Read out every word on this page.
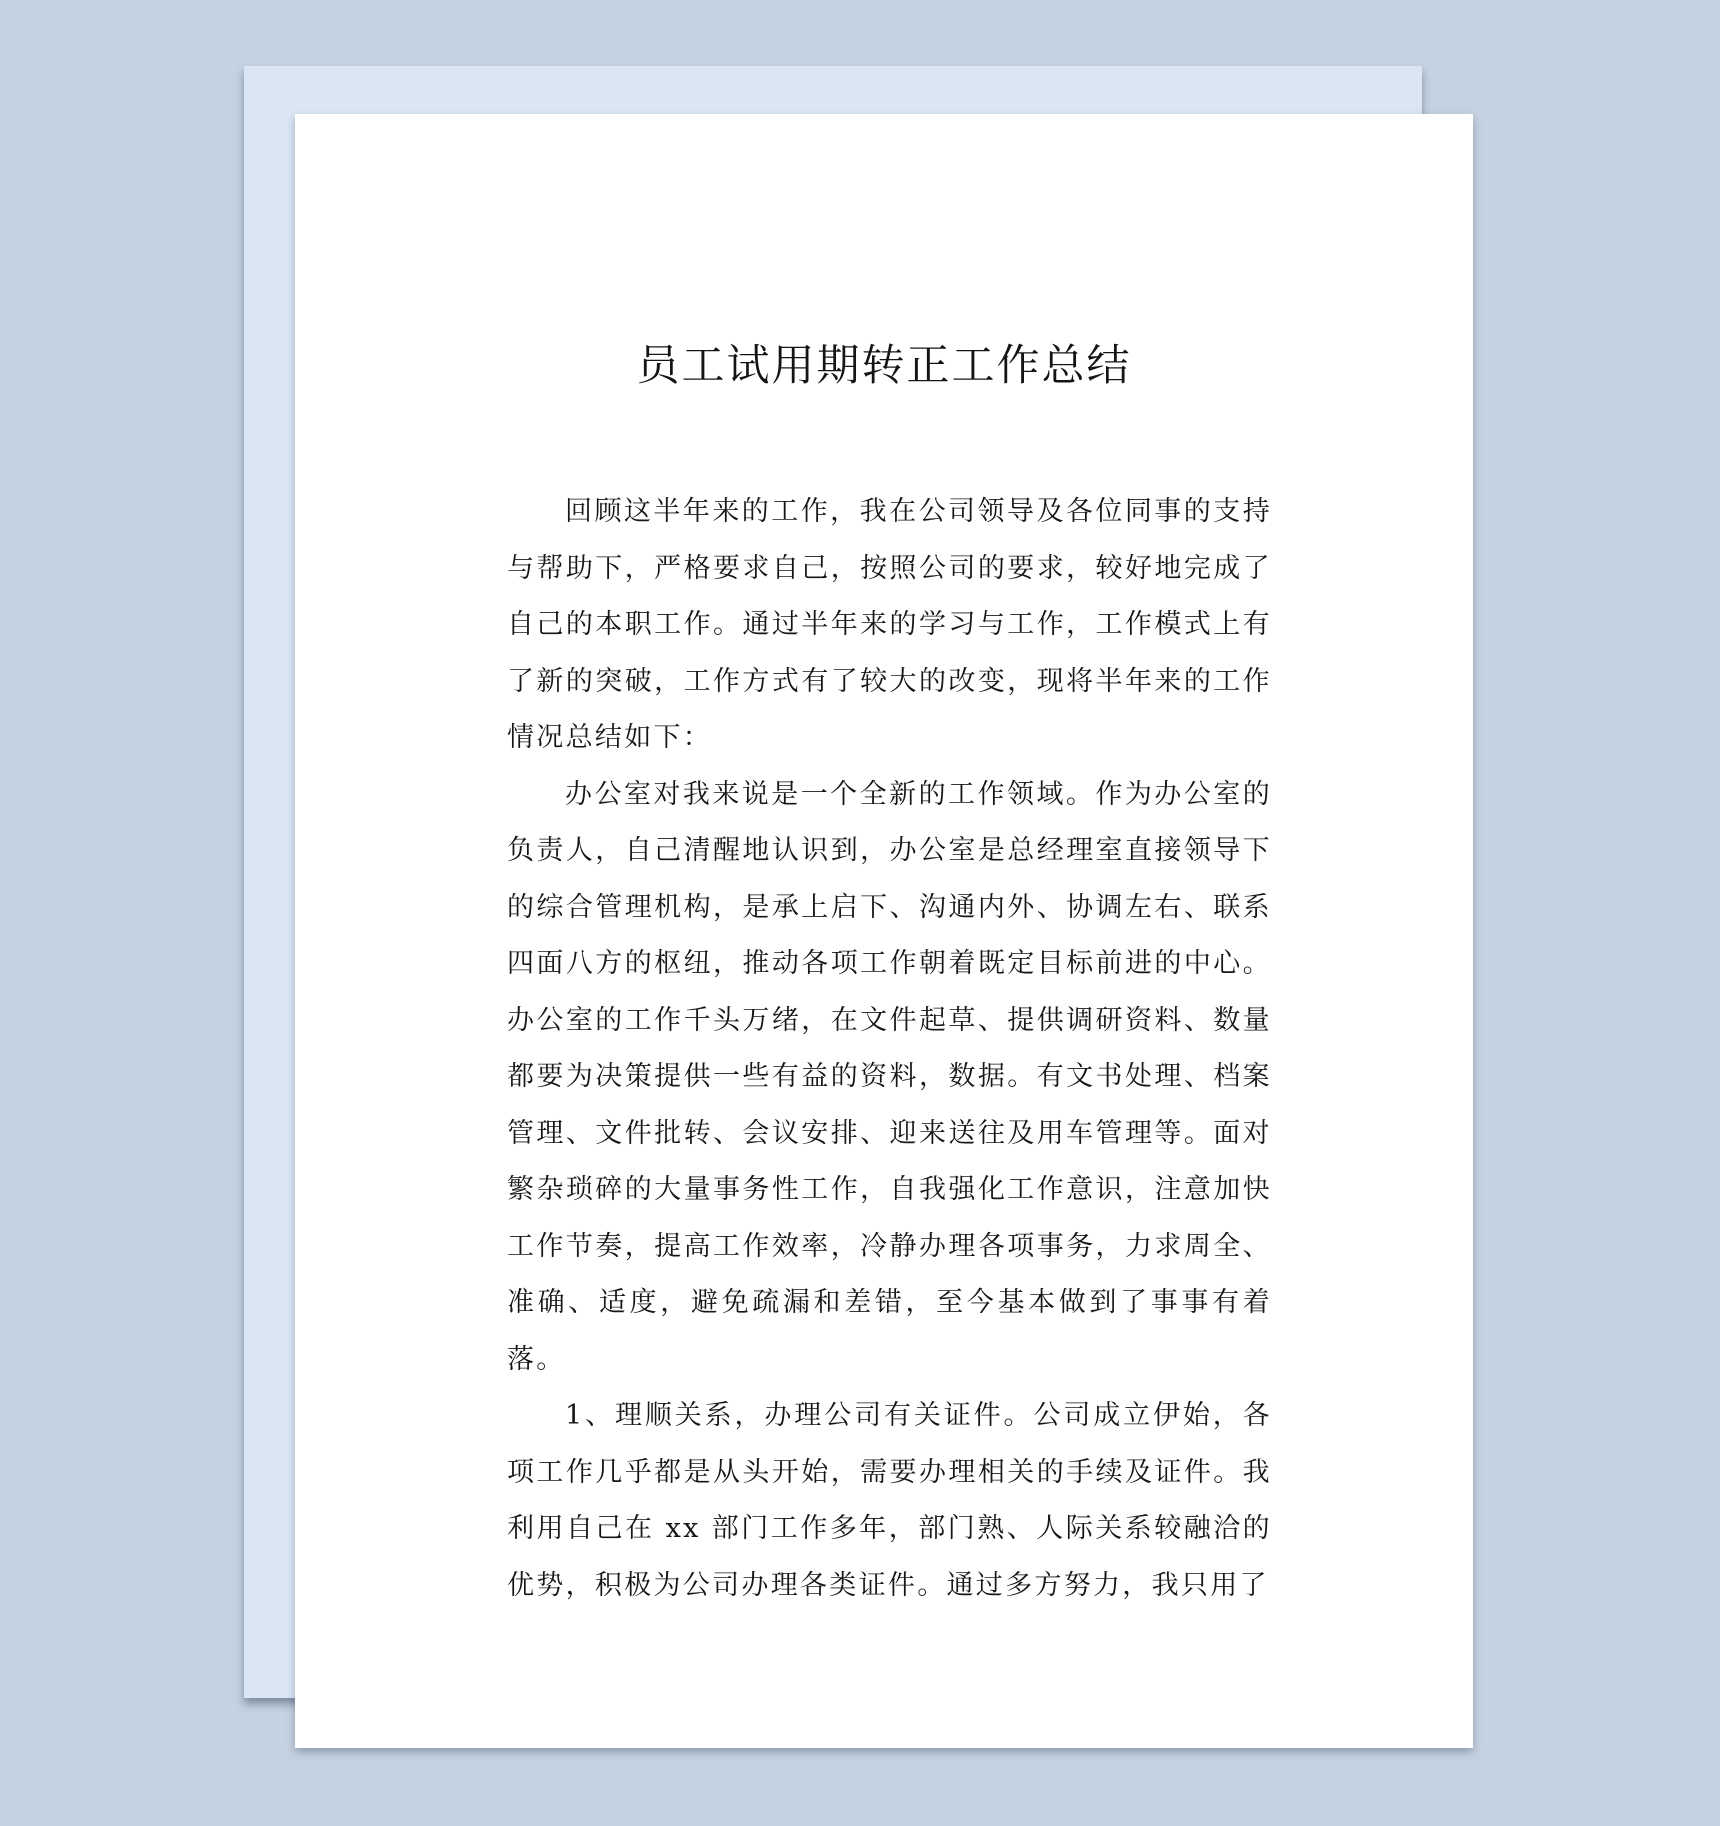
员工试用期转正工作总结

回顾这半年来的工作，我在公司领导及各位同事的支持与帮助下，严格要求自己，按照公司的要求，较好地完成了自己的本职工作。通过半年来的学习与工作，工作模式上有了新的突破，工作方式有了较大的改变，现将半年来的工作情况总结如下：

办公室对我来说是一个全新的工作领域。作为办公室的负责人，自己清醒地认识到，办公室是总经理室直接领导下的综合管理机构，是承上启下、沟通内外、协调左右、联系四面八方的枢纽，推动各项工作朝着既定目标前进的中心。办公室的工作千头万绪，在文件起草、提供调研资料、数量都要为决策提供一些有益的资料，数据。有文书处理、档案管理、文件批转、会议安排、迎来送往及用车管理等。面对繁杂琐碎的大量事务性工作，自我强化工作意识，注意加快工作节奏，提高工作效率，冷静办理各项事务，力求周全、准确、适度，避免疏漏和差错，至今基本做到了事事有着落。

1、理顺关系，办理公司有关证件。公司成立伊始，各项工作几乎都是从头开始，需要办理相关的手续及证件。我利用自己在 xx 部门工作多年，部门熟、人际关系较融洽的优势，积极为公司办理各类证件。通过多方努力，我只用了
